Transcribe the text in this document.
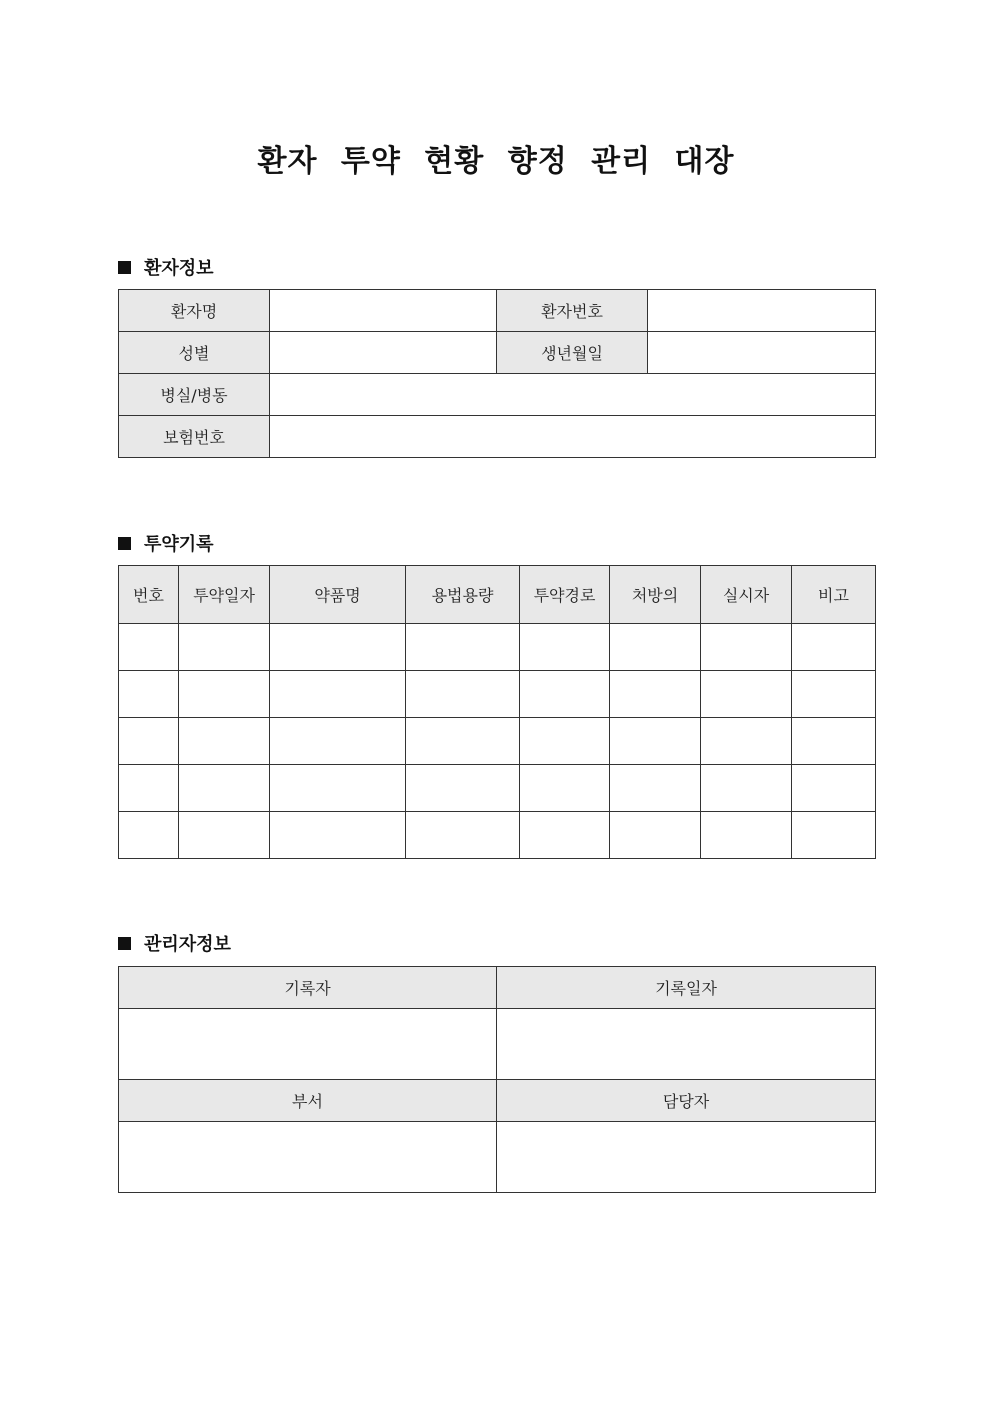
환자 투약 현황 향정 관리 대장
환자정보
환자명		환자번호	
성별		생년월일	
병실/병동			
보험번호			
투약기록
번호	투약일자	약품명	용법용량	투약경로	처방의	실시자	비고

관리자정보
기록자	기록일자

부서	담당자
